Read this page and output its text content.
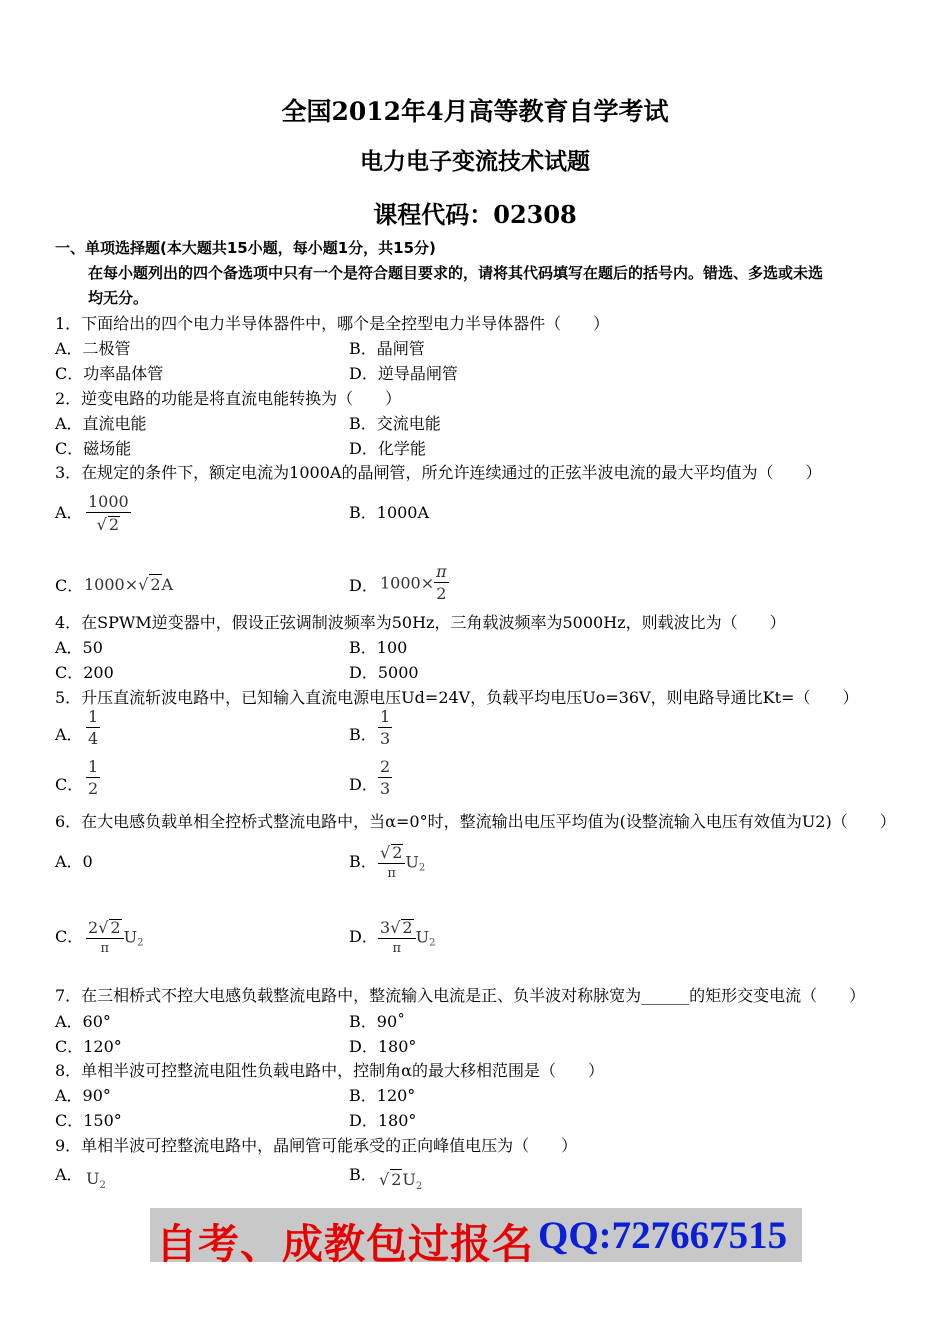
全国2012年4月高等教育自学考试
电力电子变流技术试题
课程代码：02308
一、单项选择题(本大题共15小题，每小题1分，共15分)
在每小题列出的四个备选项中只有一个是符合题目要求的，请将其代码填写在题后的括号内。错选、多选或未选
均无分。
1．下面给出的四个电力半导体器件中，哪个是全控型电力半导体器件（　　）
A．二极管	B．晶闸管
C．功率晶体管	D．逆导晶闸管
2．逆变电路的功能是将直流电能转换为（　　）
A．直流电能	B．交流电能
C．磁场能	D．化学能
3．在规定的条件下，额定电流为1000A的晶闸管，所允许连续通过的正弦半波电流的最大平均值为（　　）
A． $\frac{1000}{√ 2}$	B．1000A
C． 1000×√ 2A	D． $1000\times \frac{\pi}{2}$
4．在SPWM逆变器中，假设正弦调制波频率为50Hz，三角载波频率为5000Hz，则载波比为（　　）
A．50	B．100
C．200	D．5000
5．升压直流斩波电路中，已知输入直流电源电压Ud=24V，负载平均电压Uo=36V，则电路导通比Kt=（　　）
A． $\frac{1}{4}$	B． $\frac{1}{3}$
C． $\frac{1}{2}$	D． $\frac{2}{3}$
6．在大电感负载单相全控桥式整流电路中，当α=0°时，整流输出电压平均值为(设整流输入电压有效值为U2)（　　）
A．0	B． $\frac{√ 2}{\pi} U_2$
C． $\frac{2√ 2}{\pi} U_2$	D． $\frac{3√ 2}{\pi} U_2$
7．在三相桥式不控大电感负载整流电路中，整流输入电流是正、负半波对称脉宽为______的矩形交变电流（　　）
A．60°	B．90˚
C．120°	D．180°
8．单相半波可控整流电阻性负载电路中，控制角α的最大移相范围是（　　）
A．90°	B．120°
C．150°	D．180°
9．单相半波可控整流电路中，晶闸管可能承受的正向峰值电压为（　　）
A． $U_2$
B． √ $2U_2$
自考、成教包过报名 QQ:727667515
